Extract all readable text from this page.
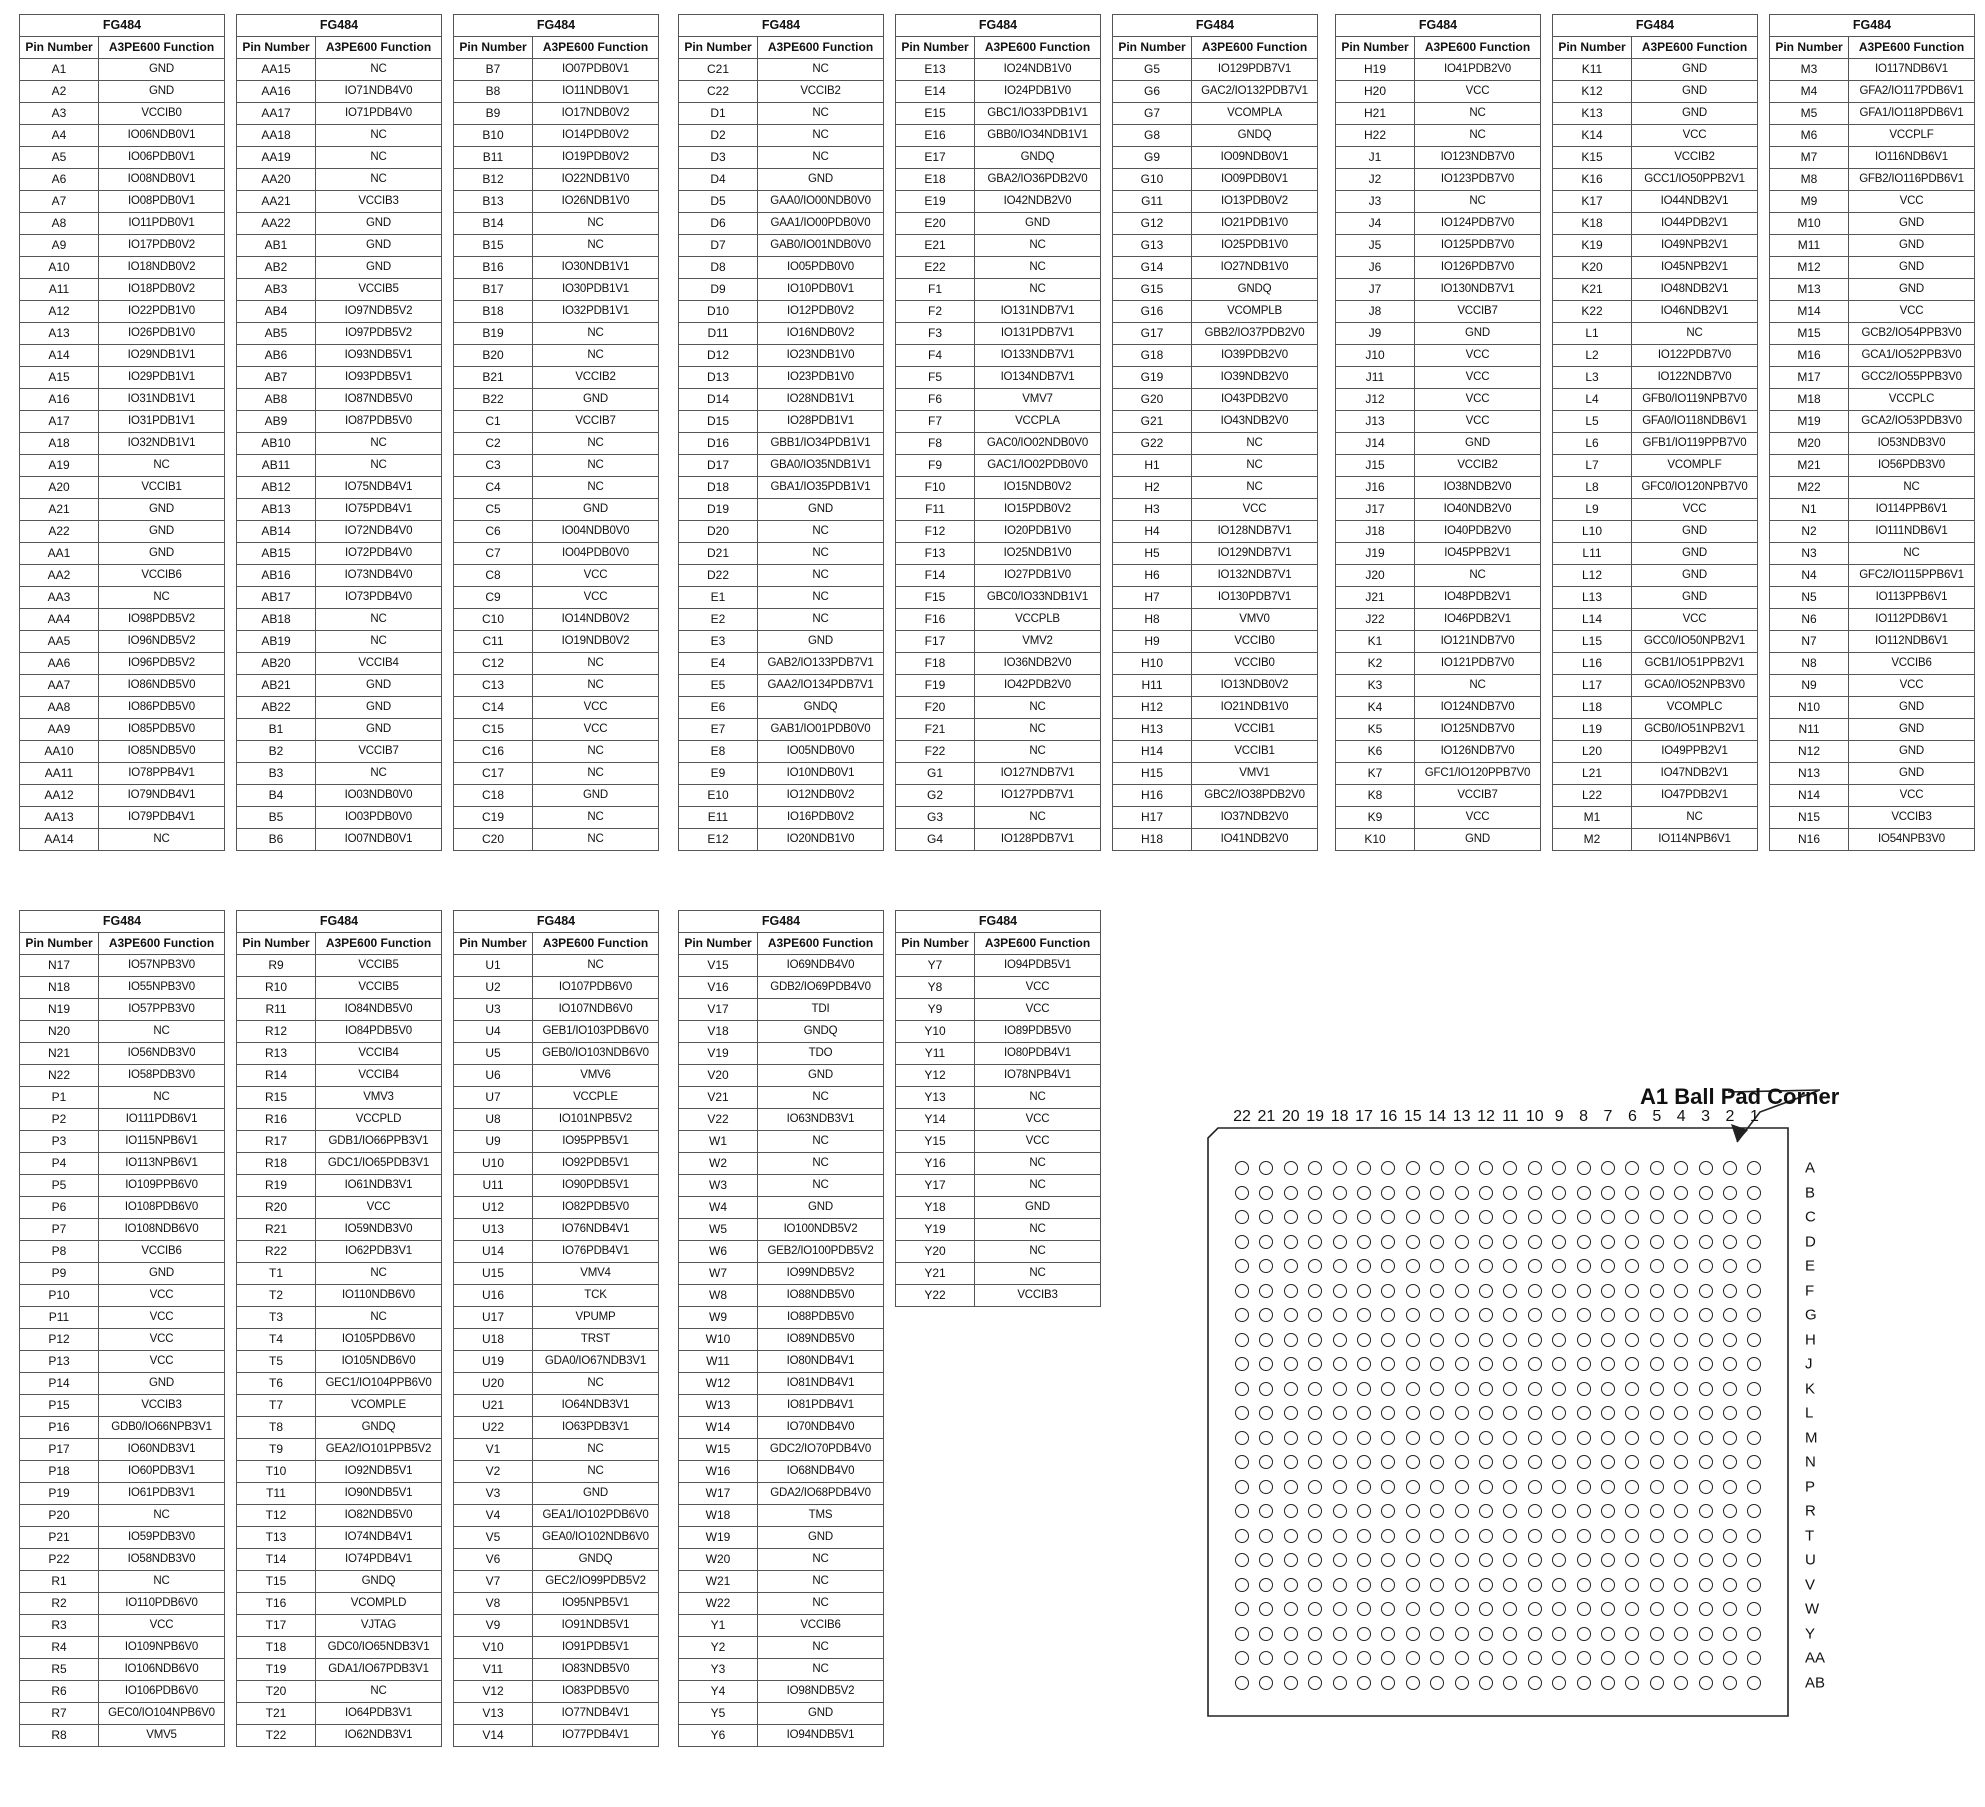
FG484	
Pin Number	A3PE600 Function
A1	GND
A2	GND
A3	VCCIB0
A4	IO06NDB0V1
A5	IO06PDB0V1
A6	IO08NDB0V1
A7	IO08PDB0V1
A8	IO11PDB0V1
A9	IO17PDB0V2
A10	IO18NDB0V2
A11	IO18PDB0V2
A12	IO22PDB1V0
A13	IO26PDB1V0
A14	IO29NDB1V1
A15	IO29PDB1V1
A16	IO31NDB1V1
A17	IO31PDB1V1
A18	IO32NDB1V1
A19	NC
A20	VCCIB1
A21	GND
A22	GND
AA1	GND
AA2	VCCIB6
AA3	NC
AA4	IO98PDB5V2
AA5	IO96NDB5V2
AA6	IO96PDB5V2
AA7	IO86NDB5V0
AA8	IO86PDB5V0
AA9	IO85PDB5V0
AA10	IO85NDB5V0
AA11	IO78PPB4V1
AA12	IO79NDB4V1
AA13	IO79PDB4V1
AA14	NC
FG484	
Pin Number	A3PE600 Function
AA15	NC
AA16	IO71NDB4V0
AA17	IO71PDB4V0
AA18	NC
AA19	NC
AA20	NC
AA21	VCCIB3
AA22	GND
AB1	GND
AB2	GND
AB3	VCCIB5
AB4	IO97NDB5V2
AB5	IO97PDB5V2
AB6	IO93NDB5V1
AB7	IO93PDB5V1
AB8	IO87NDB5V0
AB9	IO87PDB5V0
AB10	NC
AB11	NC
AB12	IO75NDB4V1
AB13	IO75PDB4V1
AB14	IO72NDB4V0
AB15	IO72PDB4V0
AB16	IO73NDB4V0
AB17	IO73PDB4V0
AB18	NC
AB19	NC
AB20	VCCIB4
AB21	GND
AB22	GND
B1	GND
B2	VCCIB7
B3	NC
B4	IO03NDB0V0
B5	IO03PDB0V0
B6	IO07NDB0V1
FG484	
Pin Number	A3PE600 Function
B7	IO07PDB0V1
B8	IO11NDB0V1
B9	IO17NDB0V2
B10	IO14PDB0V2
B11	IO19PDB0V2
B12	IO22NDB1V0
B13	IO26NDB1V0
B14	NC
B15	NC
B16	IO30NDB1V1
B17	IO30PDB1V1
B18	IO32PDB1V1
B19	NC
B20	NC
B21	VCCIB2
B22	GND
C1	VCCIB7
C2	NC
C3	NC
C4	NC
C5	GND
C6	IO04NDB0V0
C7	IO04PDB0V0
C8	VCC
C9	VCC
C10	IO14NDB0V2
C11	IO19NDB0V2
C12	NC
C13	NC
C14	VCC
C15	VCC
C16	NC
C17	NC
C18	GND
C19	NC
C20	NC
FG484	
Pin Number	A3PE600 Function
C21	NC
C22	VCCIB2
D1	NC
D2	NC
D3	NC
D4	GND
D5	GAA0/IO00NDB0V0
D6	GAA1/IO00PDB0V0
D7	GAB0/IO01NDB0V0
D8	IO05PDB0V0
D9	IO10PDB0V1
D10	IO12PDB0V2
D11	IO16NDB0V2
D12	IO23NDB1V0
D13	IO23PDB1V0
D14	IO28NDB1V1
D15	IO28PDB1V1
D16	GBB1/IO34PDB1V1
D17	GBA0/IO35NDB1V1
D18	GBA1/IO35PDB1V1
D19	GND
D20	NC
D21	NC
D22	NC
E1	NC
E2	NC
E3	GND
E4	GAB2/IO133PDB7V1
E5	GAA2/IO134PDB7V1
E6	GNDQ
E7	GAB1/IO01PDB0V0
E8	IO05NDB0V0
E9	IO10NDB0V1
E10	IO12NDB0V2
E11	IO16PDB0V2
E12	IO20NDB1V0
FG484	
Pin Number	A3PE600 Function
E13	IO24NDB1V0
E14	IO24PDB1V0
E15	GBC1/IO33PDB1V1
E16	GBB0/IO34NDB1V1
E17	GNDQ
E18	GBA2/IO36PDB2V0
E19	IO42NDB2V0
E20	GND
E21	NC
E22	NC
F1	NC
F2	IO131NDB7V1
F3	IO131PDB7V1
F4	IO133NDB7V1
F5	IO134NDB7V1
F6	VMV7
F7	VCCPLA
F8	GAC0/IO02NDB0V0
F9	GAC1/IO02PDB0V0
F10	IO15NDB0V2
F11	IO15PDB0V2
F12	IO20PDB1V0
F13	IO25NDB1V0
F14	IO27PDB1V0
F15	GBC0/IO33NDB1V1
F16	VCCPLB
F17	VMV2
F18	IO36NDB2V0
F19	IO42PDB2V0
F20	NC
F21	NC
F22	NC
G1	IO127NDB7V1
G2	IO127PDB7V1
G3	NC
G4	IO128PDB7V1
FG484	
Pin Number	A3PE600 Function
G5	IO129PDB7V1
G6	GAC2/IO132PDB7V1
G7	VCOMPLA
G8	GNDQ
G9	IO09NDB0V1
G10	IO09PDB0V1
G11	IO13PDB0V2
G12	IO21PDB1V0
G13	IO25PDB1V0
G14	IO27NDB1V0
G15	GNDQ
G16	VCOMPLB
G17	GBB2/IO37PDB2V0
G18	IO39PDB2V0
G19	IO39NDB2V0
G20	IO43PDB2V0
G21	IO43NDB2V0
G22	NC
H1	NC
H2	NC
H3	VCC
H4	IO128NDB7V1
H5	IO129NDB7V1
H6	IO132NDB7V1
H7	IO130PDB7V1
H8	VMV0
H9	VCCIB0
H10	VCCIB0
H11	IO13NDB0V2
H12	IO21NDB1V0
H13	VCCIB1
H14	VCCIB1
H15	VMV1
H16	GBC2/IO38PDB2V0
H17	IO37NDB2V0
H18	IO41NDB2V0
FG484	
Pin Number	A3PE600 Function
H19	IO41PDB2V0
H20	VCC
H21	NC
H22	NC
J1	IO123NDB7V0
J2	IO123PDB7V0
J3	NC
J4	IO124PDB7V0
J5	IO125PDB7V0
J6	IO126PDB7V0
J7	IO130NDB7V1
J8	VCCIB7
J9	GND
J10	VCC
J11	VCC
J12	VCC
J13	VCC
J14	GND
J15	VCCIB2
J16	IO38NDB2V0
J17	IO40NDB2V0
J18	IO40PDB2V0
J19	IO45PPB2V1
J20	NC
J21	IO48PDB2V1
J22	IO46PDB2V1
K1	IO121NDB7V0
K2	IO121PDB7V0
K3	NC
K4	IO124NDB7V0
K5	IO125NDB7V0
K6	IO126NDB7V0
K7	GFC1/IO120PPB7V0
K8	VCCIB7
K9	VCC
K10	GND
FG484	
Pin Number	A3PE600 Function
K11	GND
K12	GND
K13	GND
K14	VCC
K15	VCCIB2
K16	GCC1/IO50PPB2V1
K17	IO44NDB2V1
K18	IO44PDB2V1
K19	IO49NPB2V1
K20	IO45NPB2V1
K21	IO48NDB2V1
K22	IO46NDB2V1
L1	NC
L2	IO122PDB7V0
L3	IO122NDB7V0
L4	GFB0/IO119NPB7V0
L5	GFA0/IO118NDB6V1
L6	GFB1/IO119PPB7V0
L7	VCOMPLF
L8	GFC0/IO120NPB7V0
L9	VCC
L10	GND
L11	GND
L12	GND
L13	GND
L14	VCC
L15	GCC0/IO50NPB2V1
L16	GCB1/IO51PPB2V1
L17	GCA0/IO52NPB3V0
L18	VCOMPLC
L19	GCB0/IO51NPB2V1
L20	IO49PPB2V1
L21	IO47NDB2V1
L22	IO47PDB2V1
M1	NC
M2	IO114NPB6V1
FG484	
Pin Number	A3PE600 Function
M3	IO117NDB6V1
M4	GFA2/IO117PDB6V1
M5	GFA1/IO118PDB6V1
M6	VCCPLF
M7	IO116NDB6V1
M8	GFB2/IO116PDB6V1
M9	VCC
M10	GND
M11	GND
M12	GND
M13	GND
M14	VCC
M15	GCB2/IO54PPB3V0
M16	GCA1/IO52PPB3V0
M17	GCC2/IO55PPB3V0
M18	VCCPLC
M19	GCA2/IO53PDB3V0
M20	IO53NDB3V0
M21	IO56PDB3V0
M22	NC
N1	IO114PPB6V1
N2	IO111NDB6V1
N3	NC
N4	GFC2/IO115PPB6V1
N5	IO113PPB6V1
N6	IO112PDB6V1
N7	IO112NDB6V1
N8	VCCIB6
N9	VCC
N10	GND
N11	GND
N12	GND
N13	GND
N14	VCC
N15	VCCIB3
N16	IO54NPB3V0
FG484	
Pin Number	A3PE600 Function
N17	IO57NPB3V0
N18	IO55NPB3V0
N19	IO57PPB3V0
N20	NC
N21	IO56NDB3V0
N22	IO58PDB3V0
P1	NC
P2	IO111PDB6V1
P3	IO115NPB6V1
P4	IO113NPB6V1
P5	IO109PPB6V0
P6	IO108PDB6V0
P7	IO108NDB6V0
P8	VCCIB6
P9	GND
P10	VCC
P11	VCC
P12	VCC
P13	VCC
P14	GND
P15	VCCIB3
P16	GDB0/IO66NPB3V1
P17	IO60NDB3V1
P18	IO60PDB3V1
P19	IO61PDB3V1
P20	NC
P21	IO59PDB3V0
P22	IO58NDB3V0
R1	NC
R2	IO110PDB6V0
R3	VCC
R4	IO109NPB6V0
R5	IO106NDB6V0
R6	IO106PDB6V0
R7	GEC0/IO104NPB6V0
R8	VMV5
FG484	
Pin Number	A3PE600 Function
R9	VCCIB5
R10	VCCIB5
R11	IO84NDB5V0
R12	IO84PDB5V0
R13	VCCIB4
R14	VCCIB4
R15	VMV3
R16	VCCPLD
R17	GDB1/IO66PPB3V1
R18	GDC1/IO65PDB3V1
R19	IO61NDB3V1
R20	VCC
R21	IO59NDB3V0
R22	IO62PDB3V1
T1	NC
T2	IO110NDB6V0
T3	NC
T4	IO105PDB6V0
T5	IO105NDB6V0
T6	GEC1/IO104PPB6V0
T7	VCOMPLE
T8	GNDQ
T9	GEA2/IO101PPB5V2
T10	IO92NDB5V1
T11	IO90NDB5V1
T12	IO82NDB5V0
T13	IO74NDB4V1
T14	IO74PDB4V1
T15	GNDQ
T16	VCOMPLD
T17	VJTAG
T18	GDC0/IO65NDB3V1
T19	GDA1/IO67PDB3V1
T20	NC
T21	IO64PDB3V1
T22	IO62NDB3V1
FG484	
Pin Number	A3PE600 Function
U1	NC
U2	IO107PDB6V0
U3	IO107NDB6V0
U4	GEB1/IO103PDB6V0
U5	GEB0/IO103NDB6V0
U6	VMV6
U7	VCCPLE
U8	IO101NPB5V2
U9	IO95PPB5V1
U10	IO92PDB5V1
U11	IO90PDB5V1
U12	IO82PDB5V0
U13	IO76NDB4V1
U14	IO76PDB4V1
U15	VMV4
U16	TCK
U17	VPUMP
U18	TRST
U19	GDA0/IO67NDB3V1
U20	NC
U21	IO64NDB3V1
U22	IO63PDB3V1
V1	NC
V2	NC
V3	GND
V4	GEA1/IO102PDB6V0
V5	GEA0/IO102NDB6V0
V6	GNDQ
V7	GEC2/IO99PDB5V2
V8	IO95NPB5V1
V9	IO91NDB5V1
V10	IO91PDB5V1
V11	IO83NDB5V0
V12	IO83PDB5V0
V13	IO77NDB4V1
V14	IO77PDB4V1
FG484	
Pin Number	A3PE600 Function
V15	IO69NDB4V0
V16	GDB2/IO69PDB4V0
V17	TDI
V18	GNDQ
V19	TDO
V20	GND
V21	NC
V22	IO63NDB3V1
W1	NC
W2	NC
W3	NC
W4	GND
W5	IO100NDB5V2
W6	GEB2/IO100PDB5V2
W7	IO99NDB5V2
W8	IO88NDB5V0
W9	IO88PDB5V0
W10	IO89NDB5V0
W11	IO80NDB4V1
W12	IO81NDB4V1
W13	IO81PDB4V1
W14	IO70NDB4V0
W15	GDC2/IO70PDB4V0
W16	IO68NDB4V0
W17	GDA2/IO68PDB4V0
W18	TMS
W19	GND
W20	NC
W21	NC
W22	NC
Y1	VCCIB6
Y2	NC
Y3	NC
Y4	IO98NDB5V2
Y5	GND
Y6	IO94NDB5V1
FG484	
Pin Number	A3PE600 Function
Y7	IO94PDB5V1
Y8	VCC
Y9	VCC
Y10	IO89PDB5V0
Y11	IO80PDB4V1
Y12	IO78NPB4V1
Y13	NC
Y14	VCC
Y15	VCC
Y16	NC
Y17	NC
Y18	GND
Y19	NC
Y20	NC
Y21	NC
Y22	VCCIB3
A1 Ball Pad Corner
22 21 20 19 18 17 16 15 14 13 12 11 10 9 8 7 6 5 4 3 2 1
A
B
C
D
E
F
G
H
J
K
L
M
N
P
R
T
U
V
W
Y
AA
AB
